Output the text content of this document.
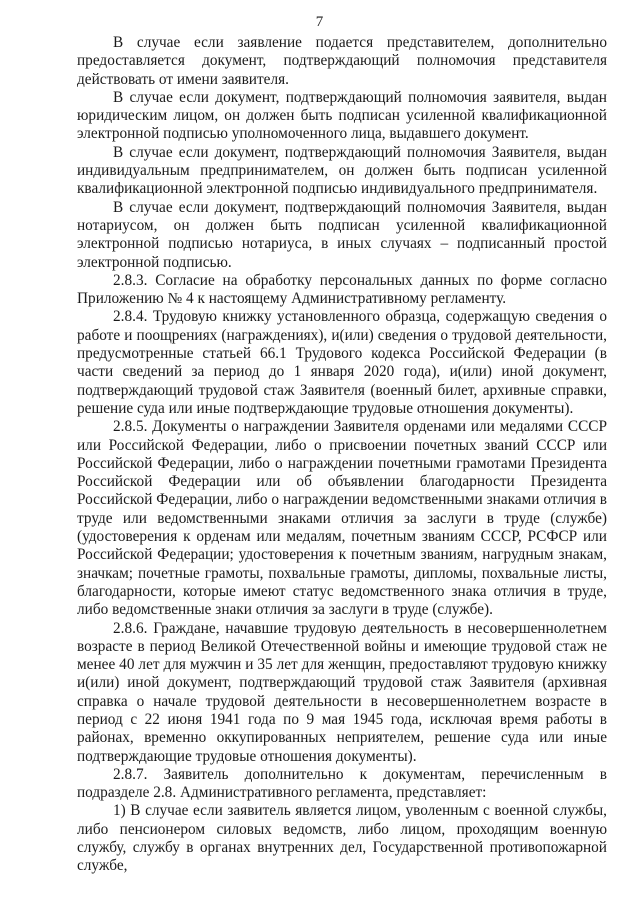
7

В случае если заявление подается представителем, дополнительно предоставляется документ, подтверждающий полномочия представителя действовать от имени заявителя.

В случае если документ, подтверждающий полномочия заявителя, выдан юридическим лицом, он должен быть подписан усиленной квалификационной электронной подписью уполномоченного лица, выдавшего документ.

В случае если документ, подтверждающий полномочия Заявителя, выдан индивидуальным предпринимателем, он должен быть подписан усиленной квалификационной электронной подписью индивидуального предпринимателя.

В случае если документ, подтверждающий полномочия Заявителя, выдан нотариусом, он должен быть подписан усиленной квалификационной электронной подписью нотариуса, в иных случаях – подписанный простой электронной подписью.

2.8.3. Согласие на обработку персональных данных по форме согласно Приложению № 4 к настоящему Административному регламенту.

2.8.4. Трудовую книжку установленного образца, содержащую сведения о работе и поощрениях (награждениях), и(или) сведения о трудовой деятельности, предусмотренные статьей 66.1 Трудового кодекса Российской Федерации (в части сведений за период до 1 января 2020 года), и(или) иной документ, подтверждающий трудовой стаж Заявителя (военный билет, архивные справки, решение суда или иные подтверждающие трудовые отношения документы).

2.8.5. Документы о награждении Заявителя орденами или медалями СССР или Российской Федерации, либо о присвоении почетных званий СССР или Российской Федерации, либо о награждении почетными грамотами Президента Российской Федерации или об объявлении благодарности Президента Российской Федерации, либо о награждении ведомственными знаками отличия в труде или ведомственными знаками отличия за заслуги в труде (службе) (удостоверения к орденам или медалям, почетным званиям СССР, РСФСР или Российской Федерации; удостоверения к почетным званиям, нагрудным знакам, значкам; почетные грамоты, похвальные грамоты, дипломы, похвальные листы, благодарности, которые имеют статус ведомственного знака отличия в труде, либо ведомственные знаки отличия за заслуги в труде (службе).

2.8.6. Граждане, начавшие трудовую деятельность в несовершеннолетнем возрасте в период Великой Отечественной войны и имеющие трудовой стаж не менее 40 лет для мужчин и 35 лет для женщин, предоставляют трудовую книжку и(или) иной документ, подтверждающий трудовой стаж Заявителя (архивная справка о начале трудовой деятельности в несовершеннолетнем возрасте в период с 22 июня 1941 года по 9 мая 1945 года, исключая время работы в районах, временно оккупированных неприятелем, решение суда или иные подтверждающие трудовые отношения документы).

2.8.7. Заявитель дополнительно к документам, перечисленным в подразделе 2.8. Административного регламента, представляет:

1) В случае если заявитель является лицом, уволенным с военной службы, либо пенсионером силовых ведомств, либо лицом, проходящим военную службу, службу в органах внутренних дел, Государственной противопожарной службе,
